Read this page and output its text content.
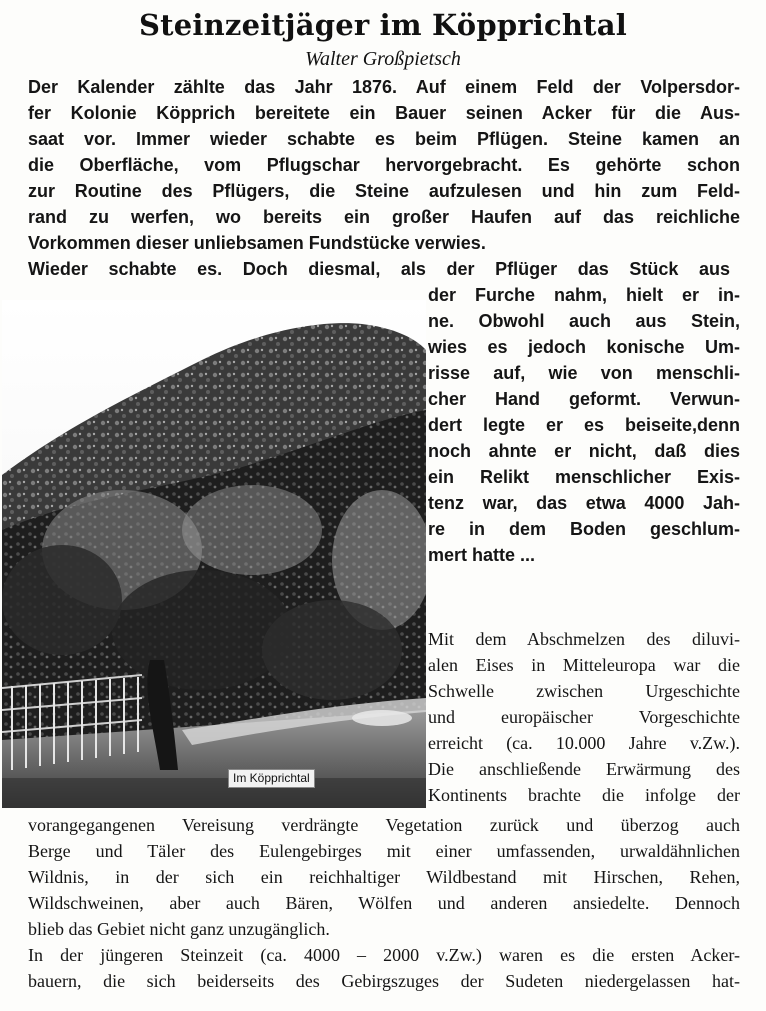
Steinzeitjäger im Köpprichtal
Walter Großpietsch
Der Kalender zählte das Jahr 1876. Auf einem Feld der Volpersdor-
fer Kolonie Köpprich bereitete ein Bauer seinen Acker für die Aus-
saat vor. Immer wieder schabte es beim Pflügen. Steine kamen an
die Oberfläche, vom Pflugschar hervorgebracht. Es gehörte schon
zur Routine des Pflügers, die Steine aufzulesen und hin zum Feld-
rand zu werfen, wo bereits ein großer Haufen auf das reichliche
Vorkommen dieser unliebsamen Fundstücke verwies.
Wieder schabte es. Doch diesmal, als der Pflüger das Stück aus
Im Köpprichtal
der Furche nahm, hielt er in-
ne. Obwohl auch aus Stein,
wies es jedoch konische Um-
risse auf, wie von menschli-
cher Hand geformt. Verwun-
dert legte er es beiseite,denn
noch ahnte er nicht, daß dies
ein Relikt menschlicher Exis-
tenz war, das etwa 4000 Jah-
re in dem Boden geschlum-
mert hatte ...
Mit dem Abschmelzen des diluvi-
alen Eises in Mitteleuropa war die
Schwelle zwischen Urgeschichte
und europäischer Vorgeschichte
erreicht (ca. 10.000 Jahre v.Zw.).
Die anschließende Erwärmung des
Kontinents brachte die infolge der
vorangegangenen Vereisung verdrängte Vegetation zurück und überzog auch
Berge und Täler des Eulengebirges mit einer umfassenden, urwaldähnlichen
Wildnis, in der sich ein reichhaltiger Wildbestand mit Hirschen, Rehen,
Wildschweinen, aber auch Bären, Wölfen und anderen ansiedelte. Dennoch
blieb das Gebiet nicht ganz unzugänglich.
In der jüngeren Steinzeit (ca. 4000 – 2000 v.Zw.) waren es die ersten Acker-
bauern, die sich beiderseits des Gebirgszuges der Sudeten niedergelassen hat-
